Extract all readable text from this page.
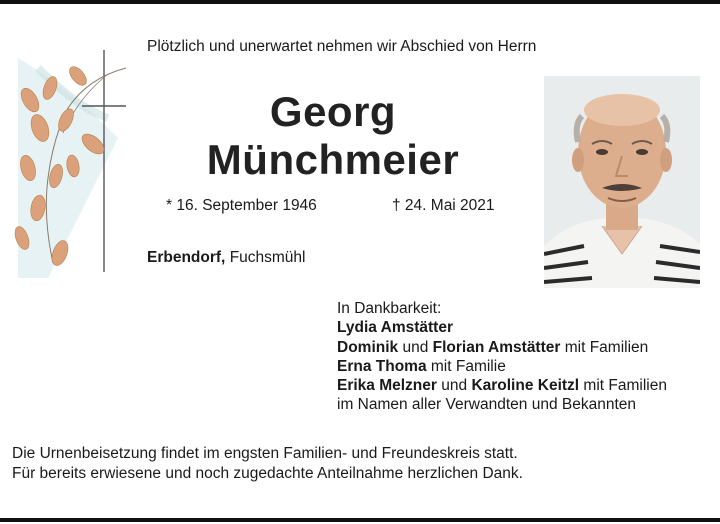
Plötzlich und unerwartet nehmen wir Abschied von Herrn
Georg
Münchmeier
* 16. September 1946	† 24. Mai 2021
Erbendorf, Fuchsmühl
In Dankbarkeit:
Lydia Amstätter
Dominik und Florian Amstätter mit Familien
Erna Thoma mit Familie
Erika Melzner und Karoline Keitzl mit Familien
im Namen aller Verwandten und Bekannten
Die Urnenbeisetzung findet im engsten Familien- und Freundeskreis statt.
Für bereits erwiesene und noch zugedachte Anteilnahme herzlichen Dank.
